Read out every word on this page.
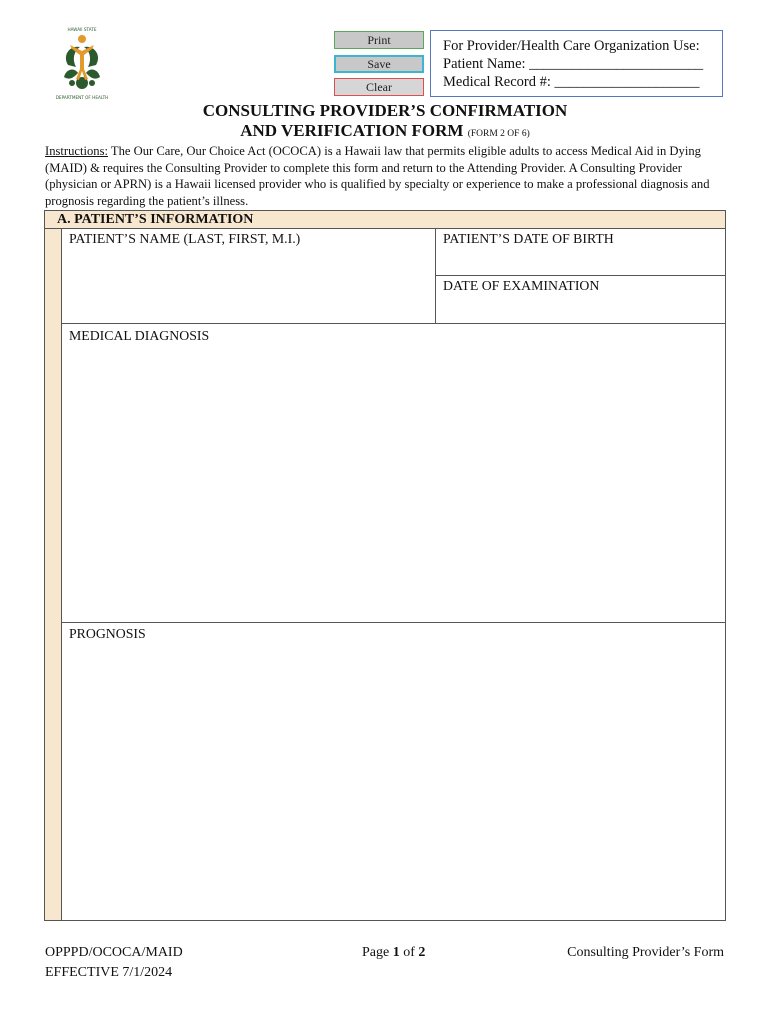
HAWAII STATE
DEPARTMENT OF HEALTH
Print
Save
Clear
For Provider/Health Care Organization Use:
Patient Name: ________________________
Medical Record #: ____________________
CONSULTING PROVIDER’S CONFIRMATION
AND VERIFICATION FORM (FORM 2 OF 6)
Instructions: The Our Care, Our Choice Act (OCOCA) is a Hawaii law that permits eligible adults to access Medical Aid in Dying (MAID) & requires the Consulting Provider to complete this form and return to the Attending Provider. A Consulting Provider (physician or APRN) is a Hawaii licensed provider who is qualified by specialty or experience to make a professional diagnosis and prognosis regarding the patient’s illness.
A. PATIENT’S INFORMATION
PATIENT’S NAME (LAST, FIRST, M.I.)	PATIENT’S DATE OF BIRTH
DATE OF EXAMINATION
MEDICAL DIAGNOSIS
PROGNOSIS
OPPPD/OCOCA/MAID
EFFECTIVE 7/1/2024
Page 1 of 2	Consulting Provider’s Form
